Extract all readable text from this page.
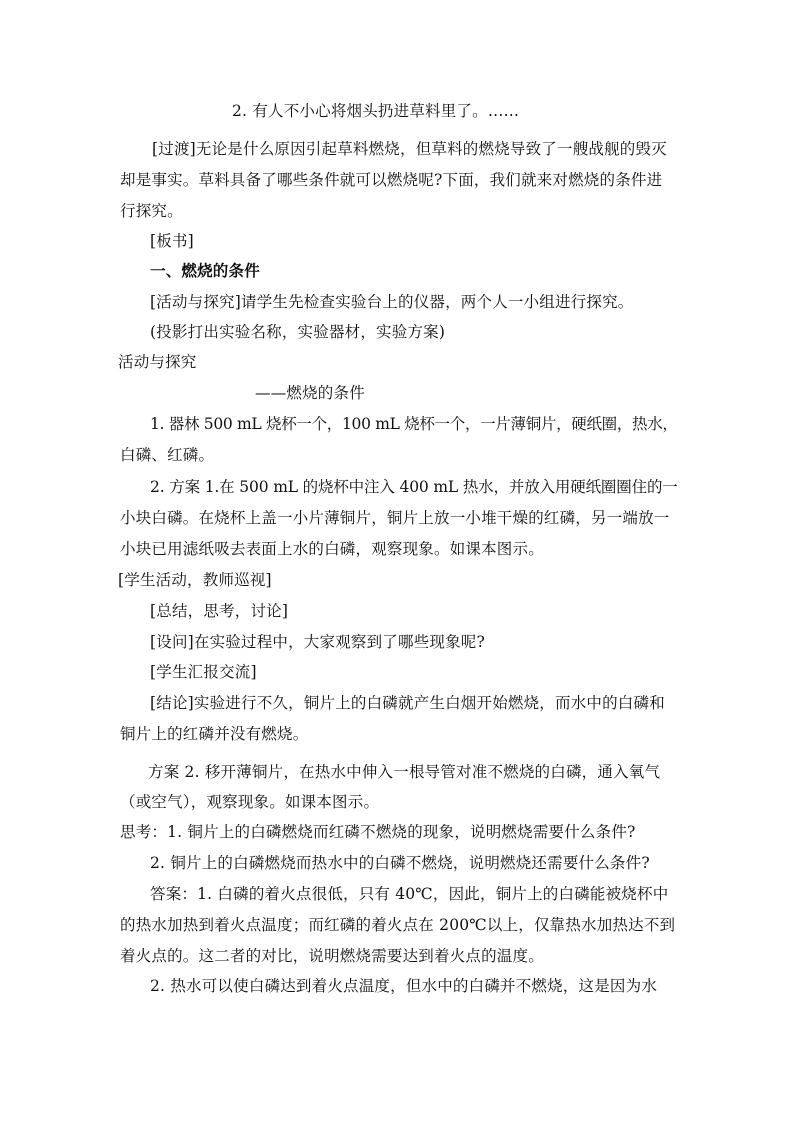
2. 有人不小心将烟头扔进草料里了。……
[过渡]无论是什么原因引起草料燃烧，但草料的燃烧导致了一艘战舰的毁灭
却是事实。草料具备了哪些条件就可以燃烧呢?下面，我们就来对燃烧的条件进
行探究。
[板书]
一、燃烧的条件
[活动与探究]请学生先检查实验台上的仪器，两个人一小组进行探究。
(投影打出实验名称，实验器材，实验方案)
活动与探究
——燃烧的条件
1. 器林 500 mL 烧杯一个，100 mL 烧杯一个，一片薄铜片，硬纸圈，热水，
白磷、红磷。
2. 方案 1.在 500 mL 的烧杯中注入 400 mL 热水，并放入用硬纸圈圈住的一
小块白磷。在烧杯上盖一小片薄铜片，铜片上放一小堆干燥的红磷，另一端放一
小块已用滤纸吸去表面上水的白磷，观察现象。如课本图示。
[学生活动，教师巡视]
[总结，思考，讨论]
[设问]在实验过程中，大家观察到了哪些现象呢?
[学生汇报交流]
[结论]实验进行不久，铜片上的白磷就产生白烟开始燃烧，而水中的白磷和
铜片上的红磷并没有燃烧。
方案 2. 移开薄铜片，在热水中伸入一根导管对准不燃烧的白磷，通入氧气
（或空气），观察现象。如课本图示。
思考：1. 铜片上的白磷燃烧而红磷不燃烧的现象，说明燃烧需要什么条件?
2. 铜片上的白磷燃烧而热水中的白磷不燃烧，说明燃烧还需要什么条件?
答案：1. 白磷的着火点很低，只有 40℃，因此，铜片上的白磷能被烧杯中
的热水加热到着火点温度；而红磷的着火点在 200℃以上，仅靠热水加热达不到
着火点的。这二者的对比，说明燃烧需要达到着火点的温度。
2. 热水可以使白磷达到着火点温度，但水中的白磷并不燃烧，这是因为水
